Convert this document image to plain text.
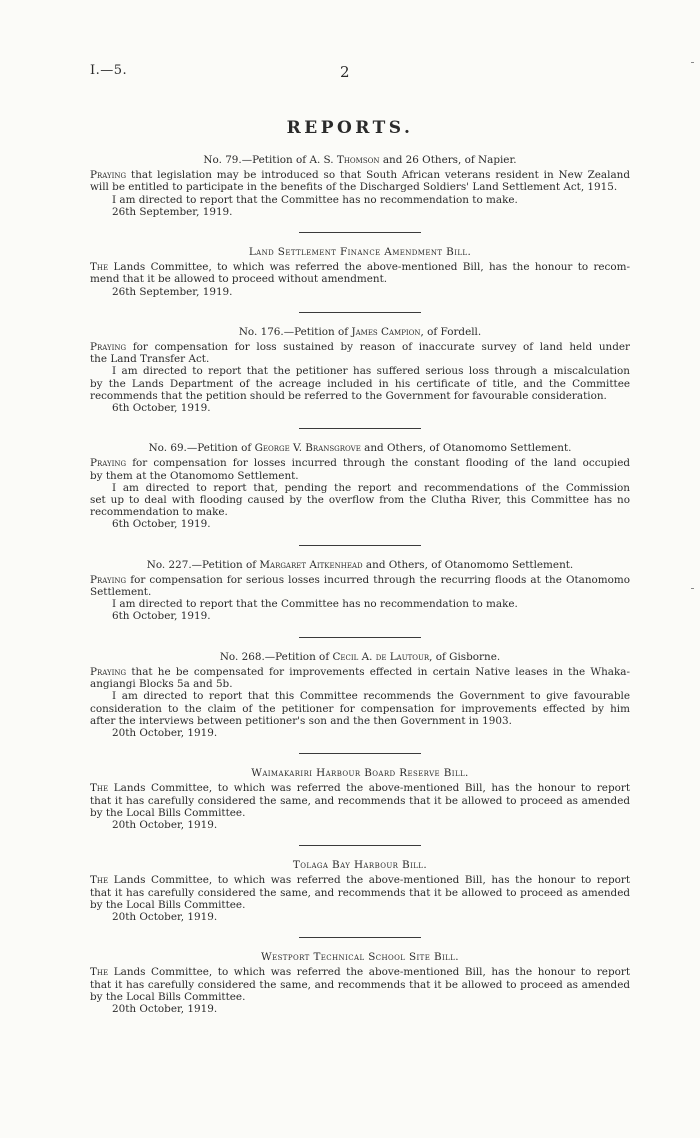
I.—5.	2
REPORTS.
No. 79.—Petition of A. S. Thomson and 26 Others, of Napier.

Praying that legislation may be introduced so that South African veterans resident in New Zealand

will be entitled to participate in the benefits of the Discharged Soldiers' Land Settlement Act, 1915.

I am directed to report that the Committee has no recommendation to make.

26th September, 1919.

Land Settlement Finance Amendment Bill.

The Lands Committee, to which was referred the above-mentioned Bill, has the honour to recom-

mend that it be allowed to proceed without amendment.

26th September, 1919.

No. 176.—Petition of James Campion, of Fordell.

Praying for compensation for loss sustained by reason of inaccurate survey of land held under

the Land Transfer Act.

I am directed to report that the petitioner has suffered serious loss through a miscalculation

by the Lands Department of the acreage included in his certificate of title, and the Committee

recommends that the petition should be referred to the Government for favourable consideration.

6th October, 1919.

No. 69.—Petition of George V. Bransgrove and Others, of Otanomomo Settlement.

Praying for compensation for losses incurred through the constant flooding of the land occupied

by them at the Otanomomo Settlement.

I am directed to report that, pending the report and recommendations of the Commission

set up to deal with flooding caused by the overflow from the Clutha River, this Committee has no

recommendation to make.

6th October, 1919.

No. 227.—Petition of Margaret Aitkenhead and Others, of Otanomomo Settlement.

Praying for compensation for serious losses incurred through the recurring floods at the Otanomomo

Settlement.

I am directed to report that the Committee has no recommendation to make.

6th October, 1919.

No. 268.—Petition of Cecil A. de Lautour, of Gisborne.

Praying that he be compensated for improvements effected in certain Native leases in the Whaka-

angiangi Blocks 5a and 5b.

I am directed to report that this Committee recommends the Government to give favourable

consideration to the claim of the petitioner for compensation for improvements effected by him

after the interviews between petitioner's son and the then Government in 1903.

20th October, 1919.

Waimakariri Harbour Board Reserve Bill.

The Lands Committee, to which was referred the above-mentioned Bill, has the honour to report

that it has carefully considered the same, and recommends that it be allowed to proceed as amended

by the Local Bills Committee.

20th October, 1919.

Tolaga Bay Harbour Bill.

The Lands Committee, to which was referred the above-mentioned Bill, has the honour to report

that it has carefully considered the same, and recommends that it be allowed to proceed as amended

by the Local Bills Committee.

20th October, 1919.

Westport Technical School Site Bill.

The Lands Committee, to which was referred the above-mentioned Bill, has the honour to report

that it has carefully considered the same, and recommends that it be allowed to proceed as amended

by the Local Bills Committee.

20th October, 1919.
